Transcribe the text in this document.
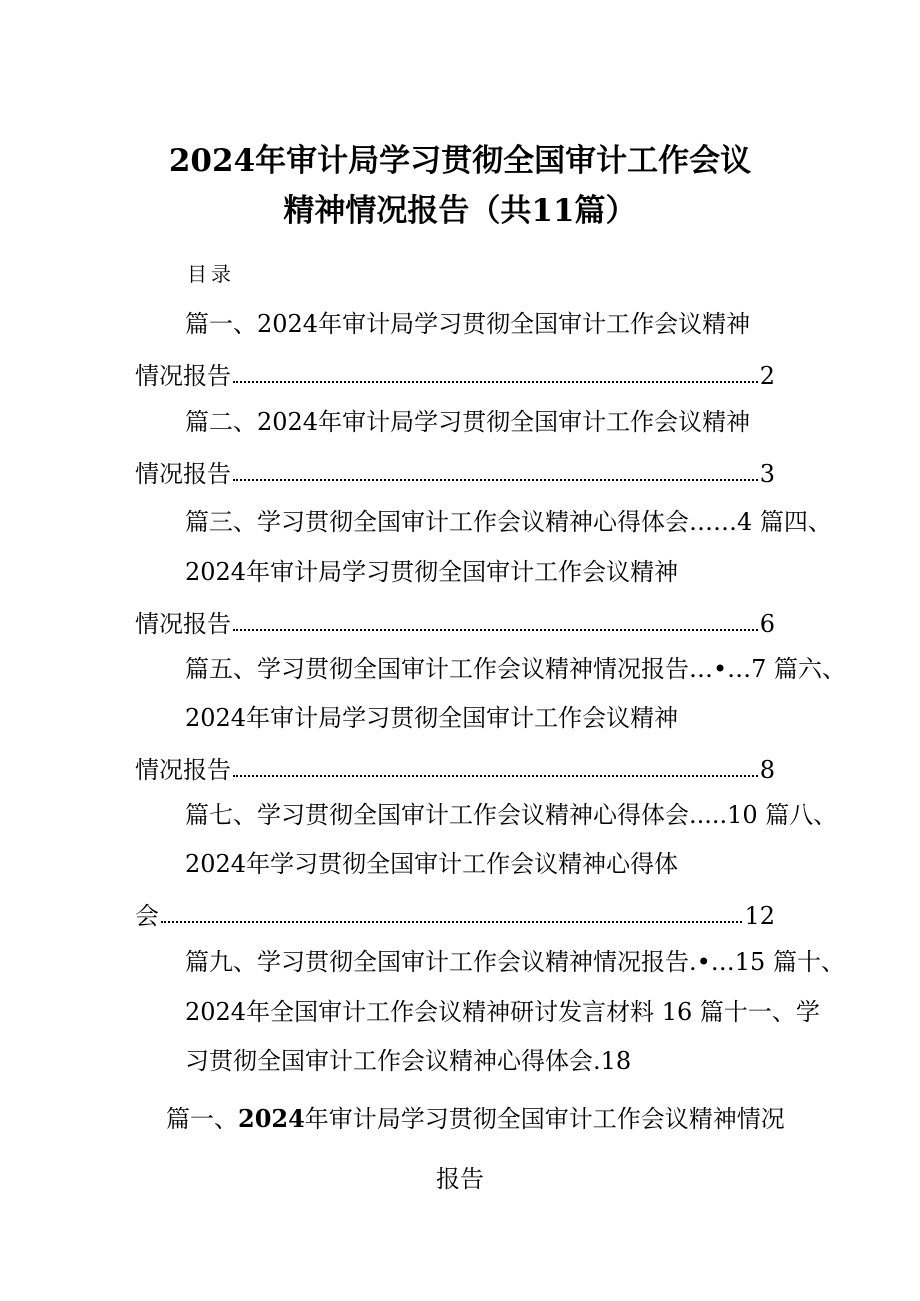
2024年审计局学习贯彻全国审计工作会议
精神情况报告（共11篇）
目录
篇一、2024年审计局学习贯彻全国审计工作会议精神
情况报告	2
篇二、2024年审计局学习贯彻全国审计工作会议精神
情况报告	3
篇三、学习贯彻全国审计工作会议精神心得体会……4 篇四、
2024年审计局学习贯彻全国审计工作会议精神
情况报告	6
篇五、学习贯彻全国审计工作会议精神情况报告…•…7 篇六、
2024年审计局学习贯彻全国审计工作会议精神
情况报告	8
篇七、学习贯彻全国审计工作会议精神心得体会.....10 篇八、
2024年学习贯彻全国审计工作会议精神心得体
会	12
篇九、学习贯彻全国审计工作会议精神情况报告.•…15 篇十、
2024年全国审计工作会议精神研讨发言材料 16 篇十一、学
习贯彻全国审计工作会议精神心得体会.18
篇一、2024年审计局学习贯彻全国审计工作会议精神情况
报告
